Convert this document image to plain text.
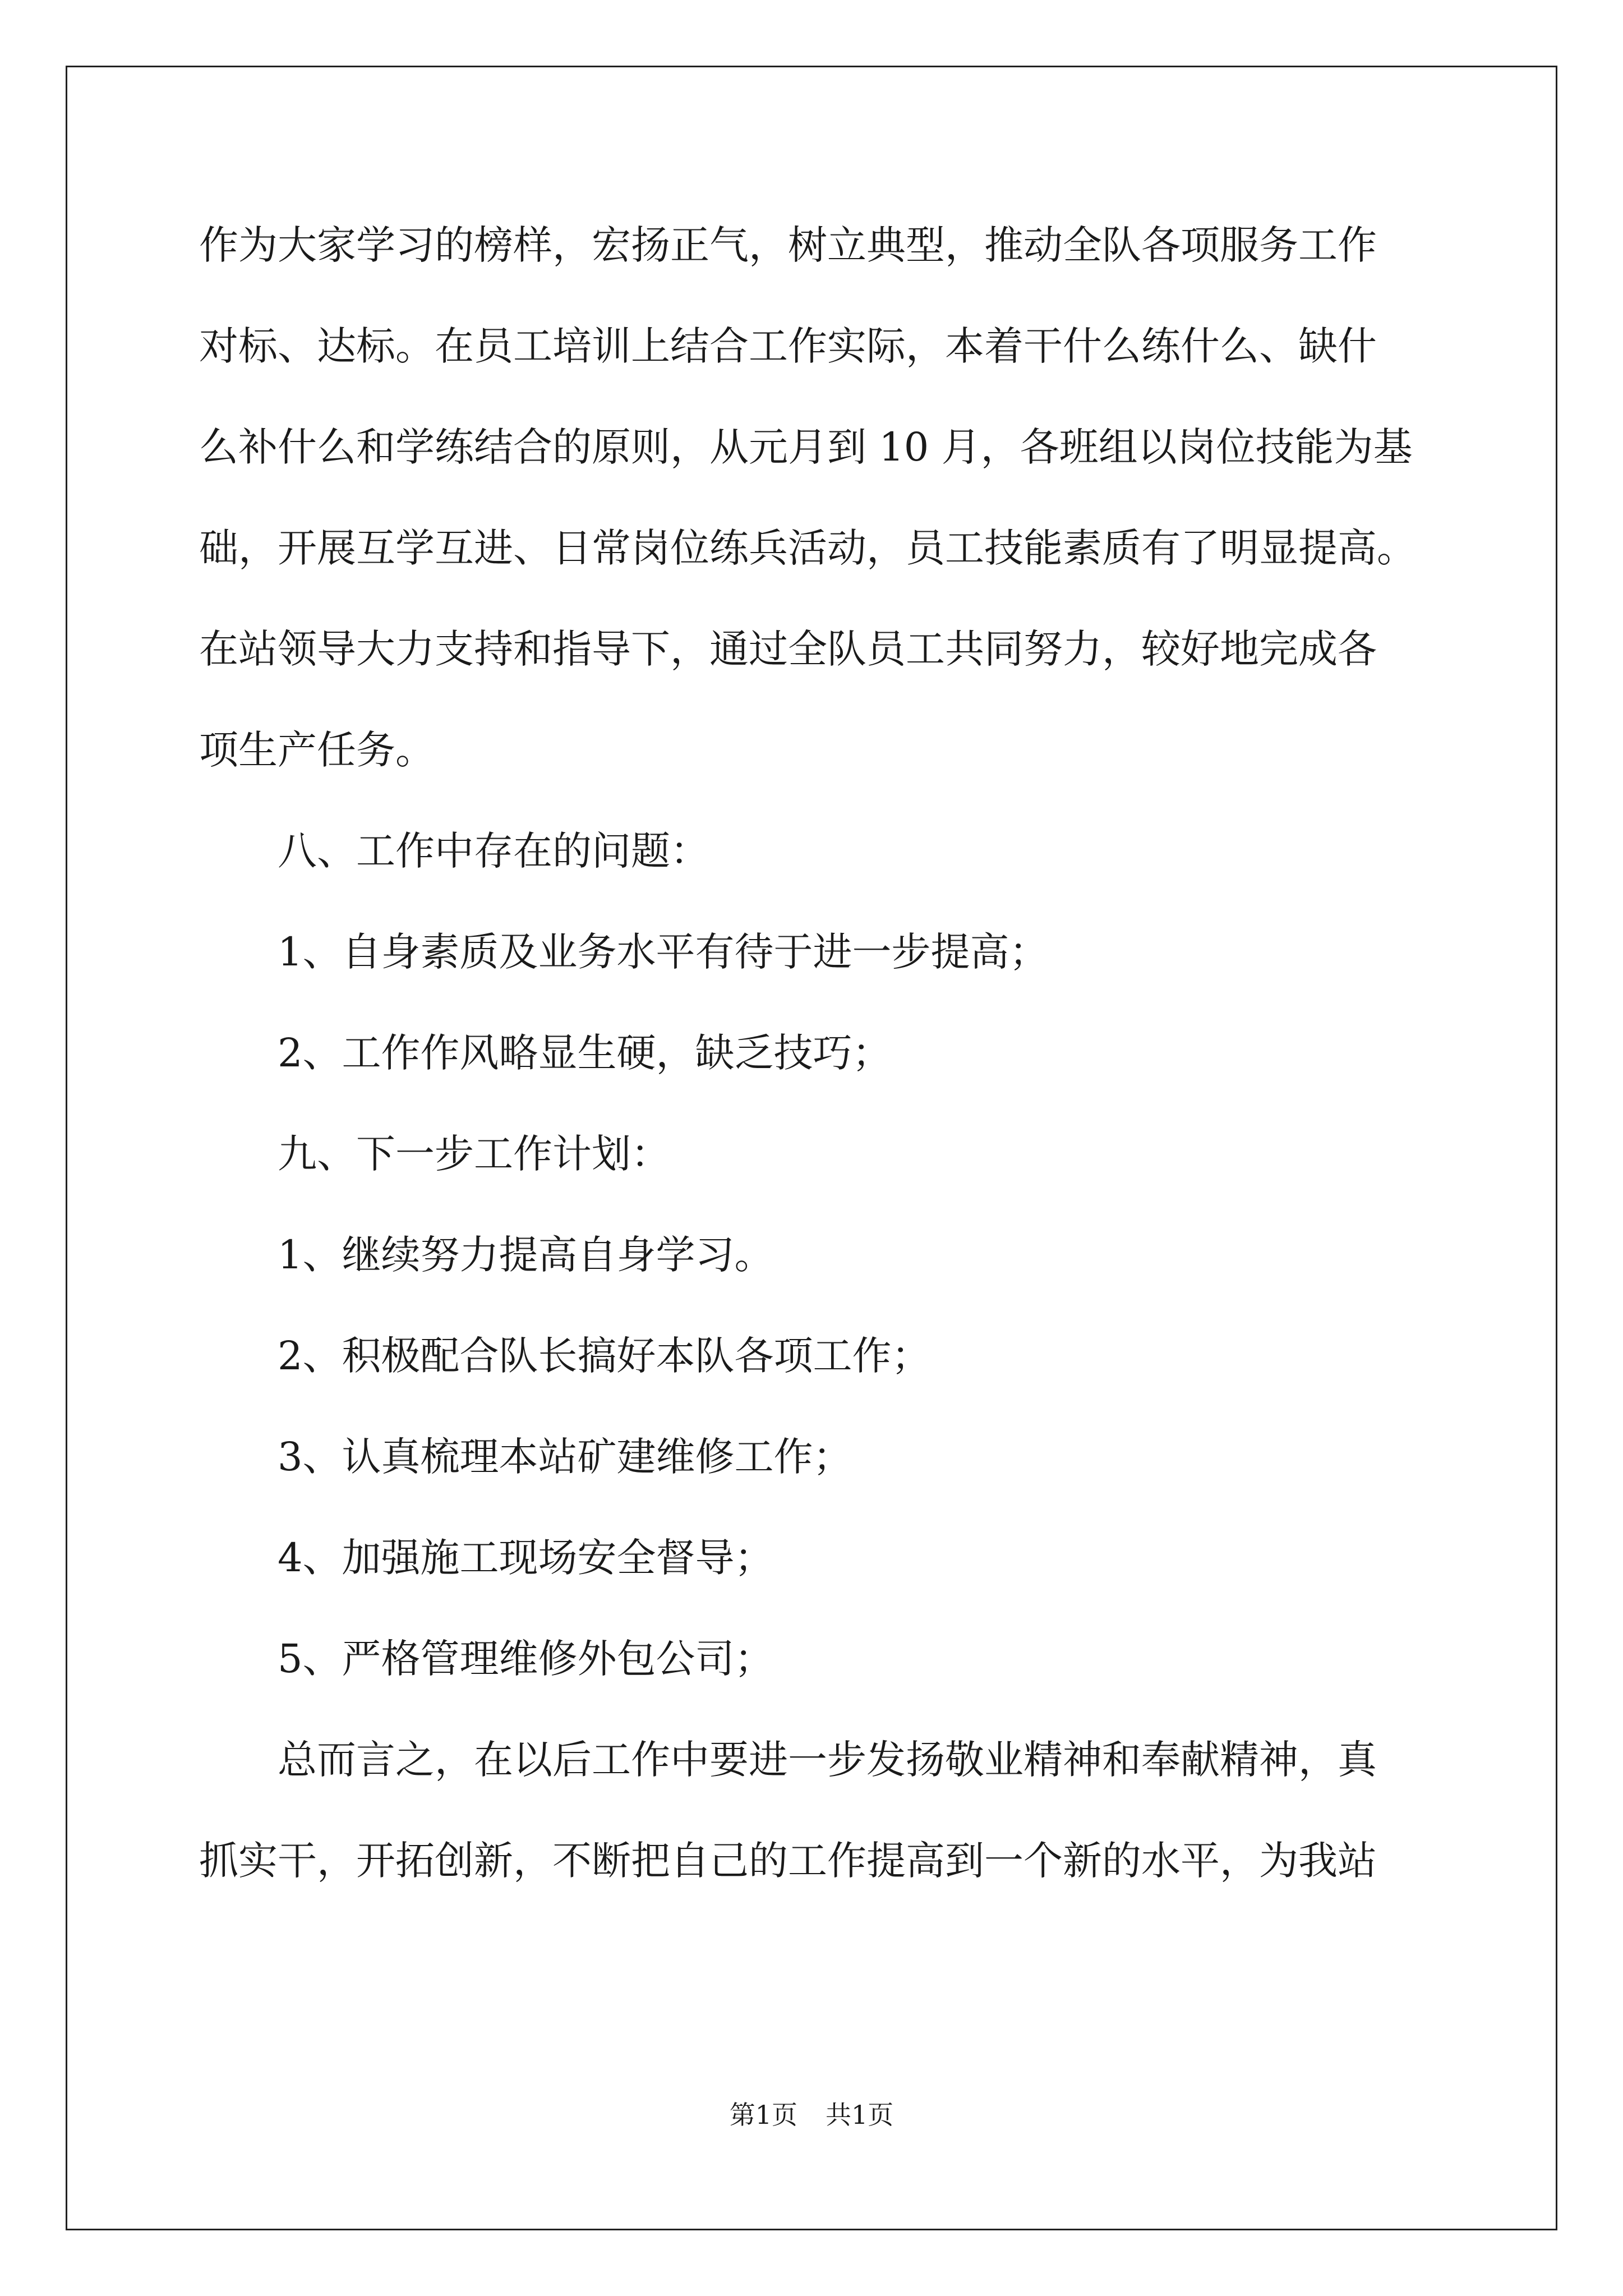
作为大家学习的榜样，宏扬正气，树立典型，推动全队各项服务工作
对标、达标。在员工培训上结合工作实际，本着干什么练什么、缺什
么补什么和学练结合的原则，从元月到 10 月，各班组以岗位技能为基
础，开展互学互进、日常岗位练兵活动，员工技能素质有了明显提高。
在站领导大力支持和指导下，通过全队员工共同努力，较好地完成各
项生产任务。
八、工作中存在的问题：
1、自身素质及业务水平有待于进一步提高；
2、工作作风略显生硬，缺乏技巧；
九、下一步工作计划：
1、继续努力提高自身学习。
2、积极配合队长搞好本队各项工作；
3、认真梳理本站矿建维修工作；
4、加强施工现场安全督导；
5、严格管理维修外包公司；
总而言之，在以后工作中要进一步发扬敬业精神和奉献精神，真
抓实干，开拓创新，不断把自己的工作提高到一个新的水平，为我站
第1页 共1页
